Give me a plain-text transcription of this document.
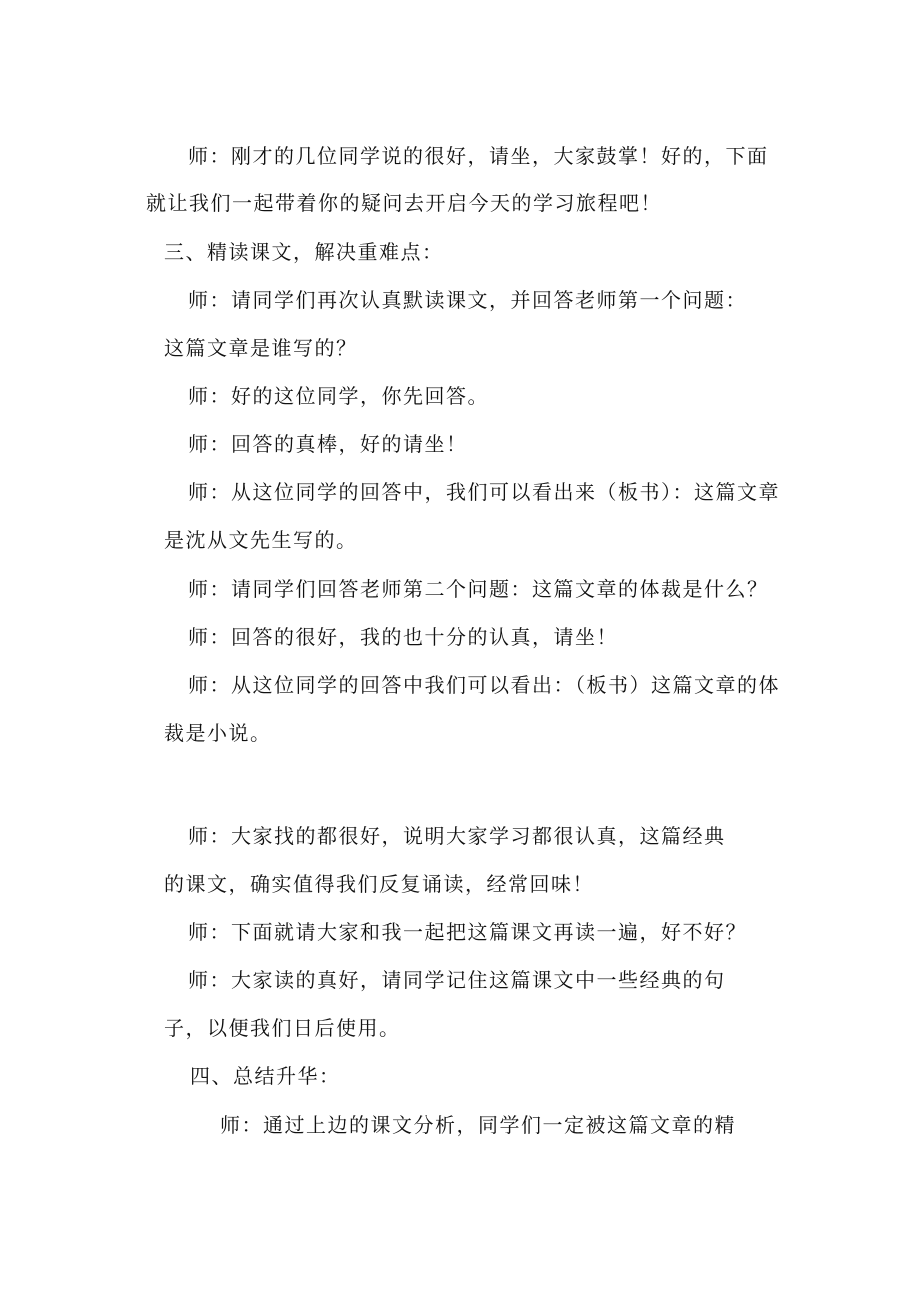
师：刚才的几位同学说的很好，请坐，大家鼓掌！好的，下面
就让我们一起带着你的疑问去开启今天的学习旅程吧！
三、精读课文，解决重难点：
师：请同学们再次认真默读课文，并回答老师第一个问题：
这篇文章是谁写的？
师：好的这位同学，你先回答。
师：回答的真棒，好的请坐！
师：从这位同学的回答中，我们可以看出来（板书）：这篇文章
是沈从文先生写的。
师：请同学们回答老师第二个问题：这篇文章的体裁是什么？
师：回答的很好，我的也十分的认真，请坐！
师：从这位同学的回答中我们可以看出：（板书）这篇文章的体
裁是小说。
师：大家找的都很好，说明大家学习都很认真，这篇经典
的课文，确实值得我们反复诵读，经常回味！
师：下面就请大家和我一起把这篇课文再读一遍，好不好？
师：大家读的真好，请同学记住这篇课文中一些经典的句
子，以便我们日后使用。
四、总结升华：
师：通过上边的课文分析，同学们一定被这篇文章的精
